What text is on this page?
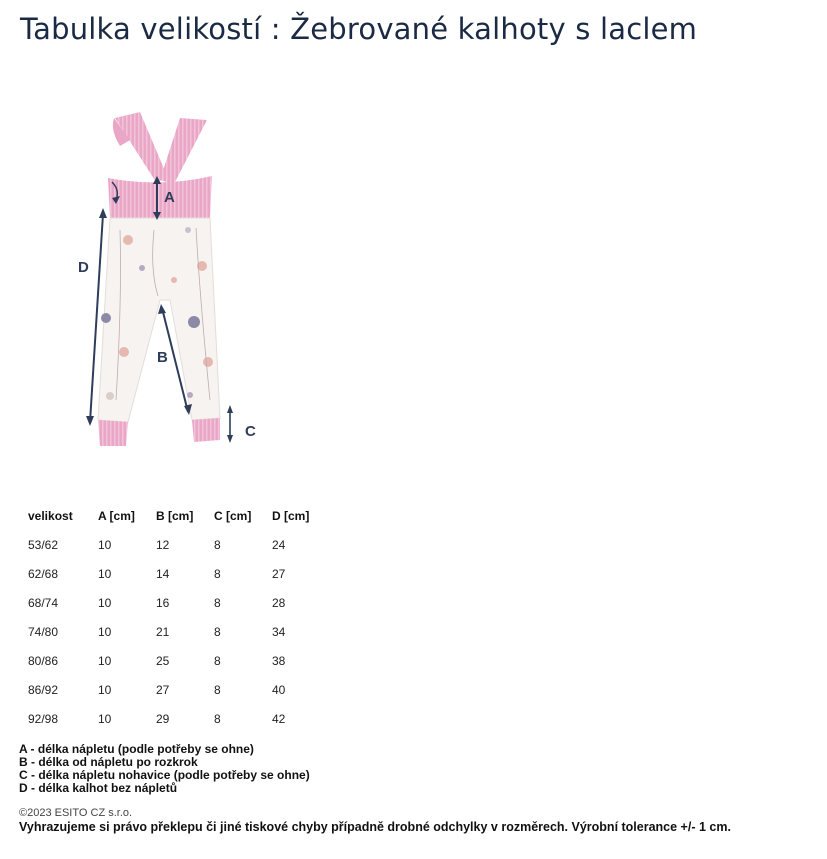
Tabulka velikostí : Žebrované kalhoty s laclem
A
D
B
C
velikost	A [cm]	B [cm]	C [cm]	D [cm]
53/62	10	12	8	24
62/68	10	14	8	27
68/74	10	16	8	28
74/80	10	21	8	34
80/86	10	25	8	38
86/92	10	27	8	40
92/98	10	29	8	42
A - délka nápletu (podle potřeby se ohne)
B - délka od nápletu po rozkrok
C - délka nápletu nohavice (podle potřeby se ohne)
D - délka kalhot bez nápletů
©2023 ESITO CZ s.r.o.
Vyhrazujeme si právo překlepu či jiné tiskové chyby případně drobné odchylky v rozměrech. Výrobní tolerance +/- 1 cm.
